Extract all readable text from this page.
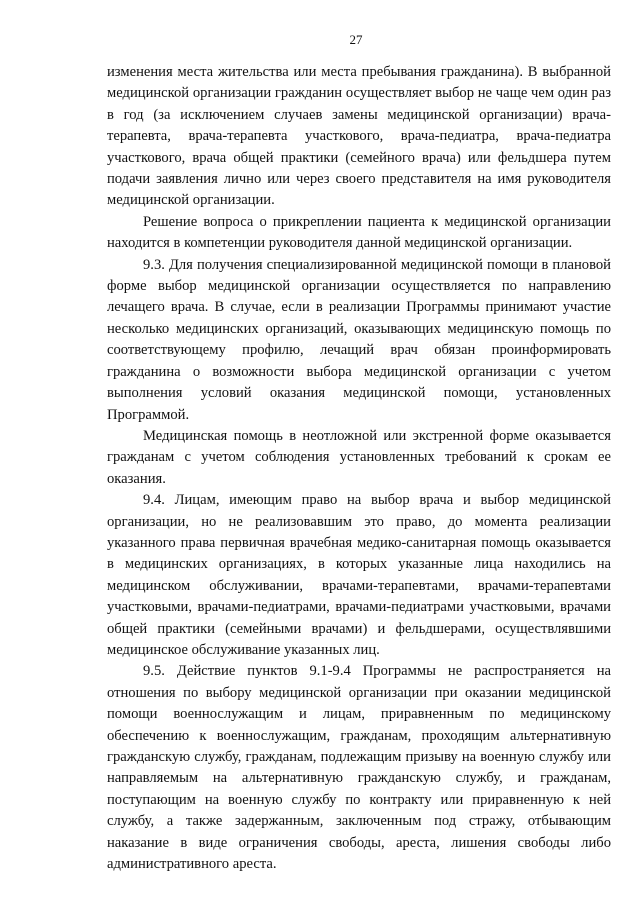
27

изменения места жительства или места пребывания гражданина). В выбранной медицинской организации гражданин осуществляет выбор не чаще чем один раз в год (за исключением случаев замены медицинской организации) врача-терапевта, врача-терапевта участкового, врача-педиатра, врача-педиатра участкового, врача общей практики (семейного врача) или фельдшера путем подачи заявления лично или через своего представителя на имя руководителя медицинской организации.

Решение вопроса о прикреплении пациента к медицинской организации находится в компетенции руководителя данной медицинской организации.

9.3. Для получения специализированной медицинской помощи в плановой форме выбор медицинской организации осуществляется по направлению лечащего врача. В случае, если в реализации Программы принимают участие несколько медицинских организаций, оказывающих медицинскую помощь по соответствующему профилю, лечащий врач обязан проинформировать гражданина о возможности выбора медицинской организации с учетом выполнения условий оказания медицинской помощи, установленных Программой.

Медицинская помощь в неотложной или экстренной форме оказывается гражданам с учетом соблюдения установленных требований к срокам ее оказания.

9.4. Лицам, имеющим право на выбор врача и выбор медицинской организации, но не реализовавшим это право, до момента реализации указанного права первичная врачебная медико-санитарная помощь оказывается в медицинских организациях, в которых указанные лица находились на медицинском обслуживании, врачами-терапевтами, врачами-терапевтами участковыми, врачами-педиатрами, врачами-педиатрами участковыми, врачами общей практики (семейными врачами) и фельдшерами, осуществлявшими медицинское обслуживание указанных лиц.

9.5. Действие пунктов 9.1-9.4 Программы не распространяется на отношения по выбору медицинской организации при оказании медицинской помощи военнослужащим и лицам, приравненным по медицинскому обеспечению к военнослужащим, гражданам, проходящим альтернативную гражданскую службу, гражданам, подлежащим призыву на военную службу или направляемым на альтернативную гражданскую службу, и гражданам, поступающим на военную службу по контракту или приравненную к ней службу, а также задержанным, заключенным под стражу, отбывающим наказание в виде ограничения свободы, ареста, лишения свободы либо административного ареста.
